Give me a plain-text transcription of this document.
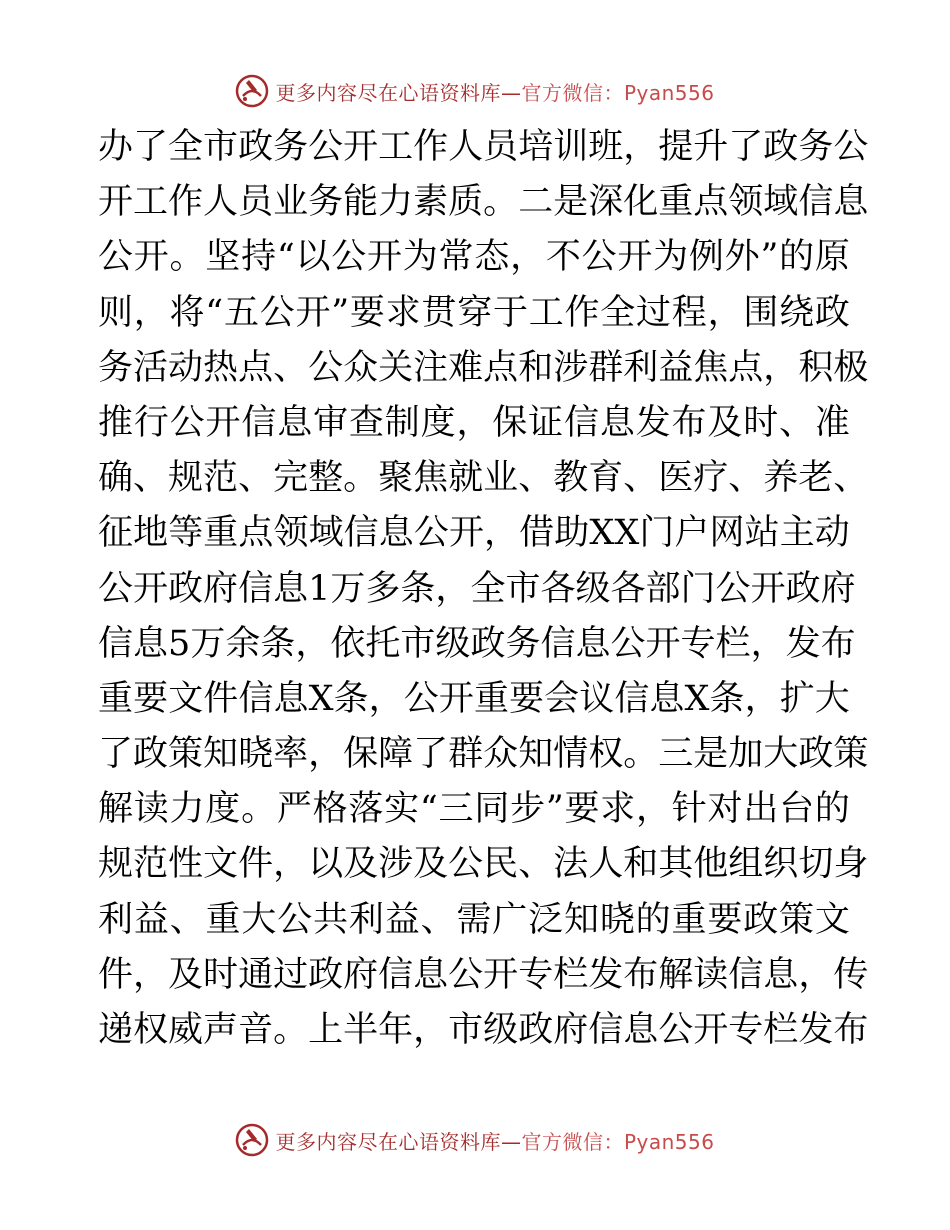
更多内容尽在心语资料库—官方微信：Pyan556
办 了 全 市 政 务 公 开 工 作 人 员 培 训 班 ， 提 升 了 政 务 公
开 工 作 人 员 业 务 能 力 素 质 。 二 是 深 化 重 点 领 域 信 息
公 开 。 坚 持 “ 以 公 开 为 常 态 ， 不 公 开 为 例 外 ” 的 原
则 ， 将 “ 五 公 开 ” 要 求 贯 穿 于 工 作 全 过 程 ， 围 绕 政
务 活 动 热 点 、 公 众 关 注 难 点 和 涉 群 利 益 焦 点 ， 积 极
推 行 公 开 信 息 审 查 制 度 ， 保 证 信 息 发 布 及 时 、 准
确 、 规 范 、 完 整 。 聚 焦 就 业 、 教 育 、 医 疗 、 养 老 、
征 地 等 重 点 领 域 信 息 公 开 ， 借 助 X X 门 户 网 站 主 动
公 开 政 府 信 息 1 万 多 条 ， 全 市 各 级 各 部 门 公 开 政 府
信 息 5 万 余 条 ， 依 托 市 级 政 务 信 息 公 开 专 栏 ， 发 布
重 要 文 件 信 息 X 条 ， 公 开 重 要 会 议 信 息 X 条 ， 扩 大
了 政 策 知 晓 率 ， 保 障 了 群 众 知 情 权 。 三 是 加 大 政 策
解 读 力 度 。 严 格 落 实 “ 三 同 步 ” 要 求 ， 针 对 出 台 的
规 范 性 文 件 ， 以 及 涉 及 公 民 、 法 人 和 其 他 组 织 切 身
利 益 、 重 大 公 共 利 益 、 需 广 泛 知 晓 的 重 要 政 策 文
件 ， 及 时 通 过 政 府 信 息 公 开 专 栏 发 布 解 读 信 息 ， 传
递 权 威 声 音 。 上 半 年 ， 市 级 政 府 信 息 公 开 专 栏 发 布
更多内容尽在心语资料库—官方微信：Pyan556
